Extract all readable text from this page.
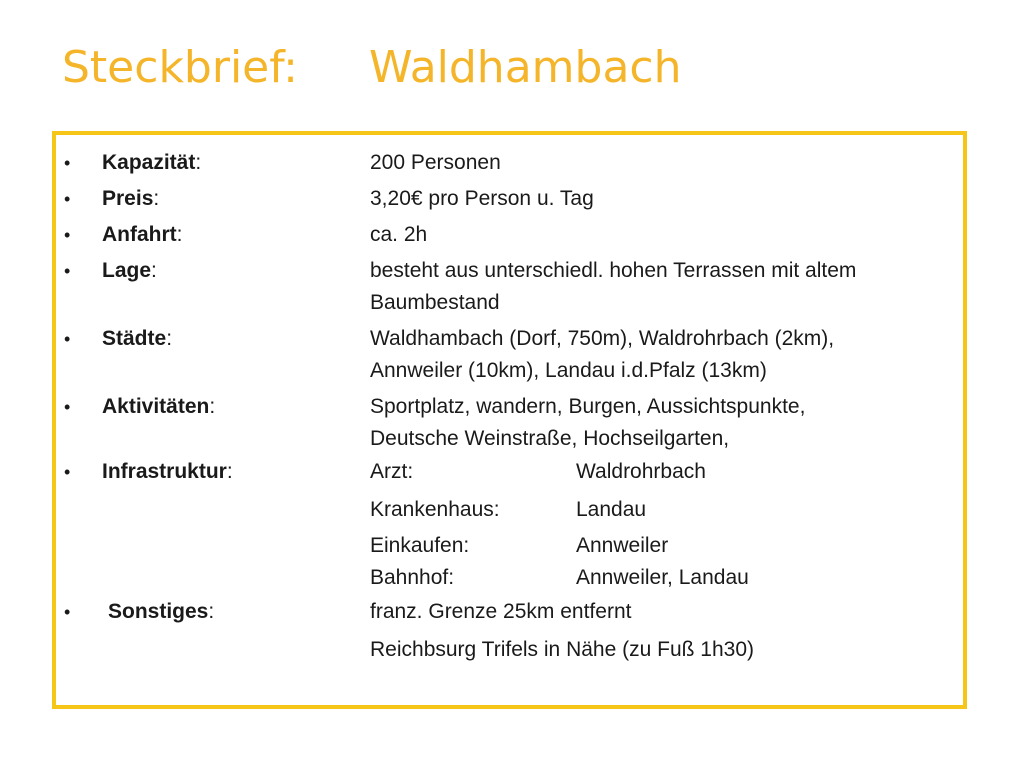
Steckbrief: Waldhambach
• Kapazität:	200 Personen
• Preis:	3,20€ pro Person u. Tag
• Anfahrt:	ca. 2h
• Lage:	besteht aus unterschiedl. hohen Terrassen mit altem
Baumbestand
• Städte:	Waldhambach (Dorf, 750m), Waldrohrbach (2km),
Annweiler (10km), Landau i.d.Pfalz (13km)
• Aktivitäten:	Sportplatz, wandern, Burgen, Aussichtspunkte,
Deutsche Weinstraße, Hochseilgarten,
• Infrastruktur:	Arzt:	Waldrohrbach
Krankenhaus:	Landau
Einkaufen:	Annweiler
Bahnhof:	Annweiler, Landau
• Sonstiges:	franz. Grenze 25km entfernt
Reichbsurg Trifels in Nähe (zu Fuß 1h30)
